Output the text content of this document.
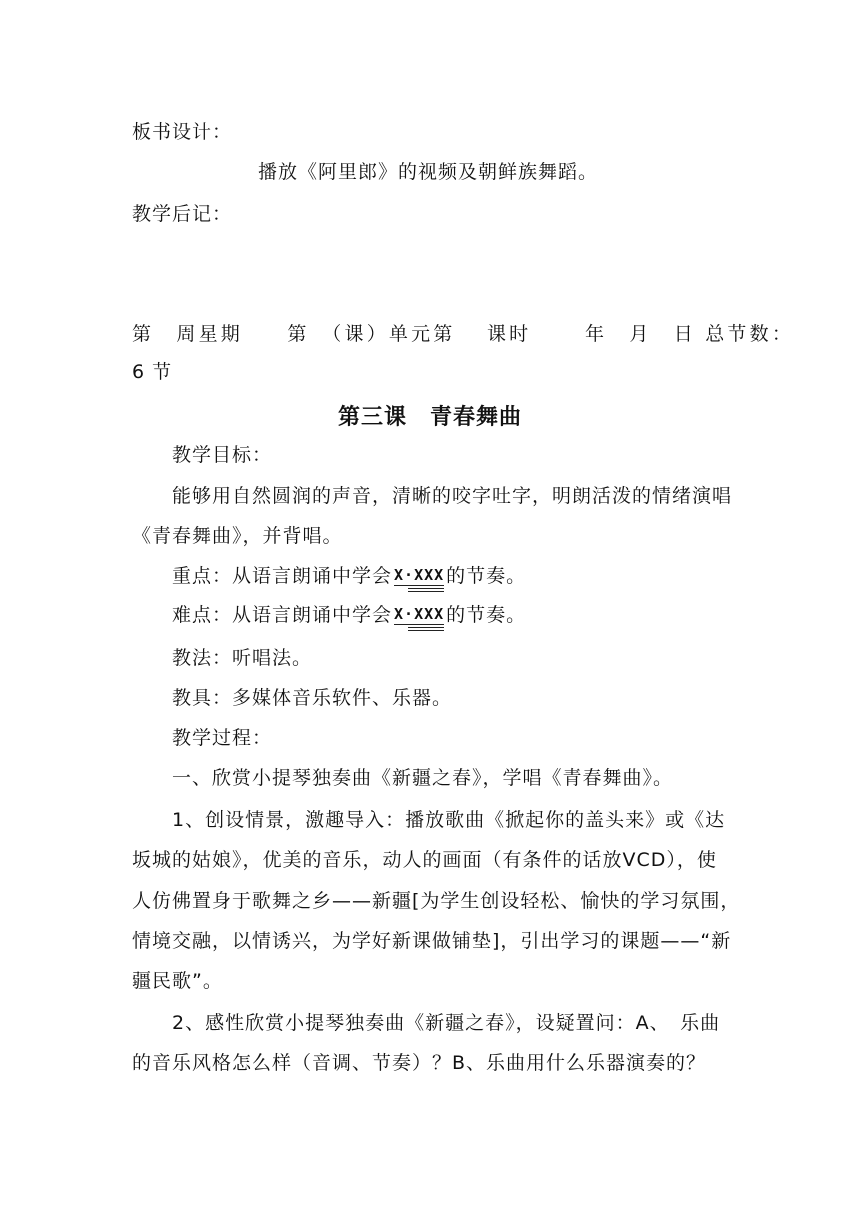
板书设计：
播放《阿里郎》的视频及朝鲜族舞蹈。
教学后记：
第　周星期　　第　（课）单元第　 课时　　 年　月　日 总节数：
6 节
第三课　青春舞曲
教学目标：
能够用自然圆润的声音，清晰的咬字吐字，明朗活泼的情绪演唱
《青春舞曲》，并背唱。
重点：从语言朗诵中学会 X·XXX 的节奏。
难点：从语言朗诵中学会 X·XXX 的节奏。
教法：听唱法。
教具：多媒体音乐软件、乐器。
教学过程：
一、欣赏小提琴独奏曲《新疆之春》，学唱《青春舞曲》。
1、创设情景，激趣导入：播放歌曲《掀起你的盖头来》或《达
坂城的姑娘》，优美的音乐，动人的画面（有条件的话放VCD），使
人仿佛置身于歌舞之乡——新疆[为学生创设轻松、愉快的学习氛围，
情境交融，以情诱兴，为学好新课做铺垫]，引出学习的课题——“新
疆民歌”。
2、感性欣赏小提琴独奏曲《新疆之春》，设疑置问：A、　乐曲
的音乐风格怎么样（音调、节奏）？B、乐曲用什么乐器演奏的？
